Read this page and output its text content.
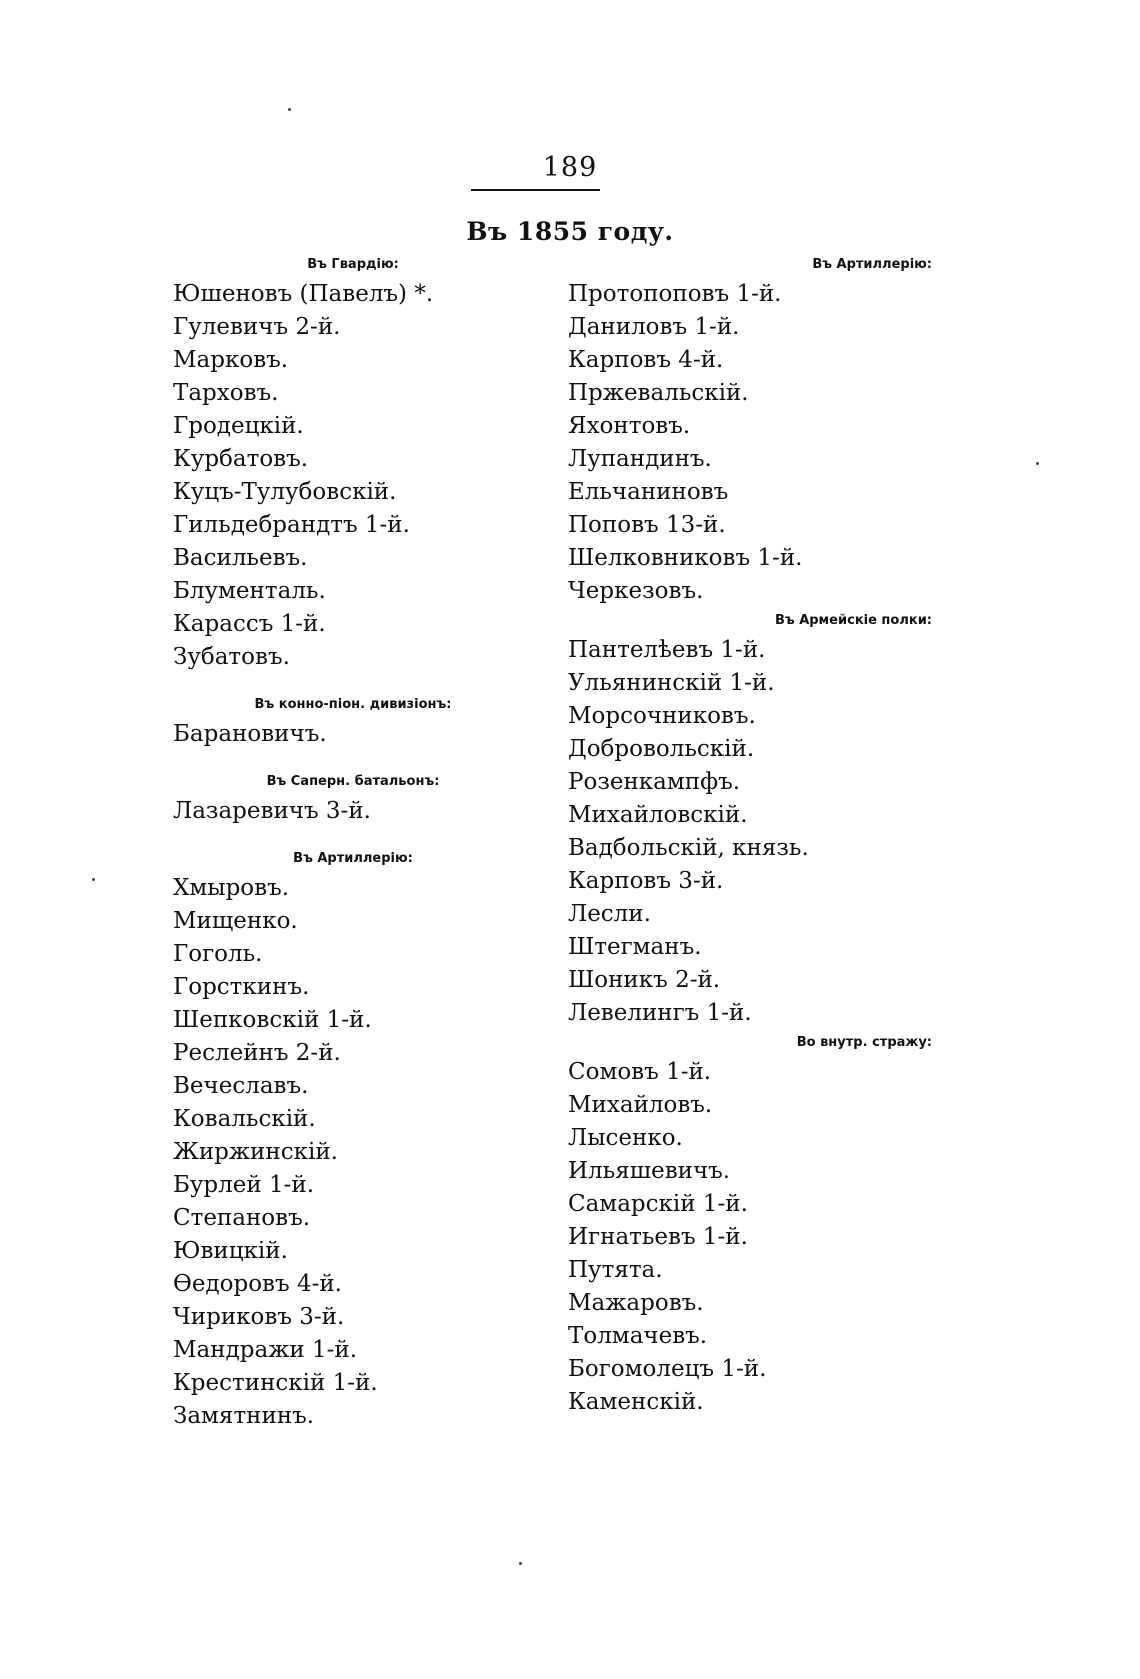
189
Въ 1855 году.
Въ Гвардію:
Юшеновъ (Павелъ) *.
Гулевичъ 2-й.
Марковъ.
Тарховъ.
Гродецкій.
Курбатовъ.
Куцъ-Тулубовскій.
Гильдебрандтъ 1-й.
Васильевъ.
Блументаль.
Карассъ 1-й.
Зубатовъ.
Въ конно-піон. дивизіонъ:
Барановичъ.
Въ Саперн. батальонъ:
Лазаревичъ 3-й.
Въ Артиллерію:
Хмыровъ.
Мищенко.
Гоголь.
Горсткинъ.
Шепковскій 1-й.
Реслейнъ 2-й.
Вечеславъ.
Ковальскій.
Жиржинскій.
Бурлей 1-й.
Степановъ.
Ювицкій.
Ѳедоровъ 4-й.
Чириковъ 3-й.
Мандражи 1-й.
Крестинскій 1-й.
Замятнинъ.
Въ Артиллерію:
Протопоповъ 1-й.
Даниловъ 1-й.
Карповъ 4-й.
Пржевальскій.
Яхонтовъ.
Лупандинъ.
Ельчаниновъ
Поповъ 13-й.
Шелковниковъ 1-й.
Черкезовъ.
Въ Армейскіе полки:
Пантелѣевъ 1-й.
Ульянинскій 1-й.
Морсочниковъ.
Добровольскій.
Розенкампфъ.
Михайловскій.
Вадбольскій, князь.
Карповъ 3-й.
Лесли.
Штегманъ.
Шоникъ 2-й.
Левелингъ 1-й.
Во внутр. стражу:
Сомовъ 1-й.
Михайловъ.
Лысенко.
Ильяшевичъ.
Самарскій 1-й.
Игнатьевъ 1-й.
Путята.
Мажаровъ.
Толмачевъ.
Богомолецъ 1-й.
Каменскій.
